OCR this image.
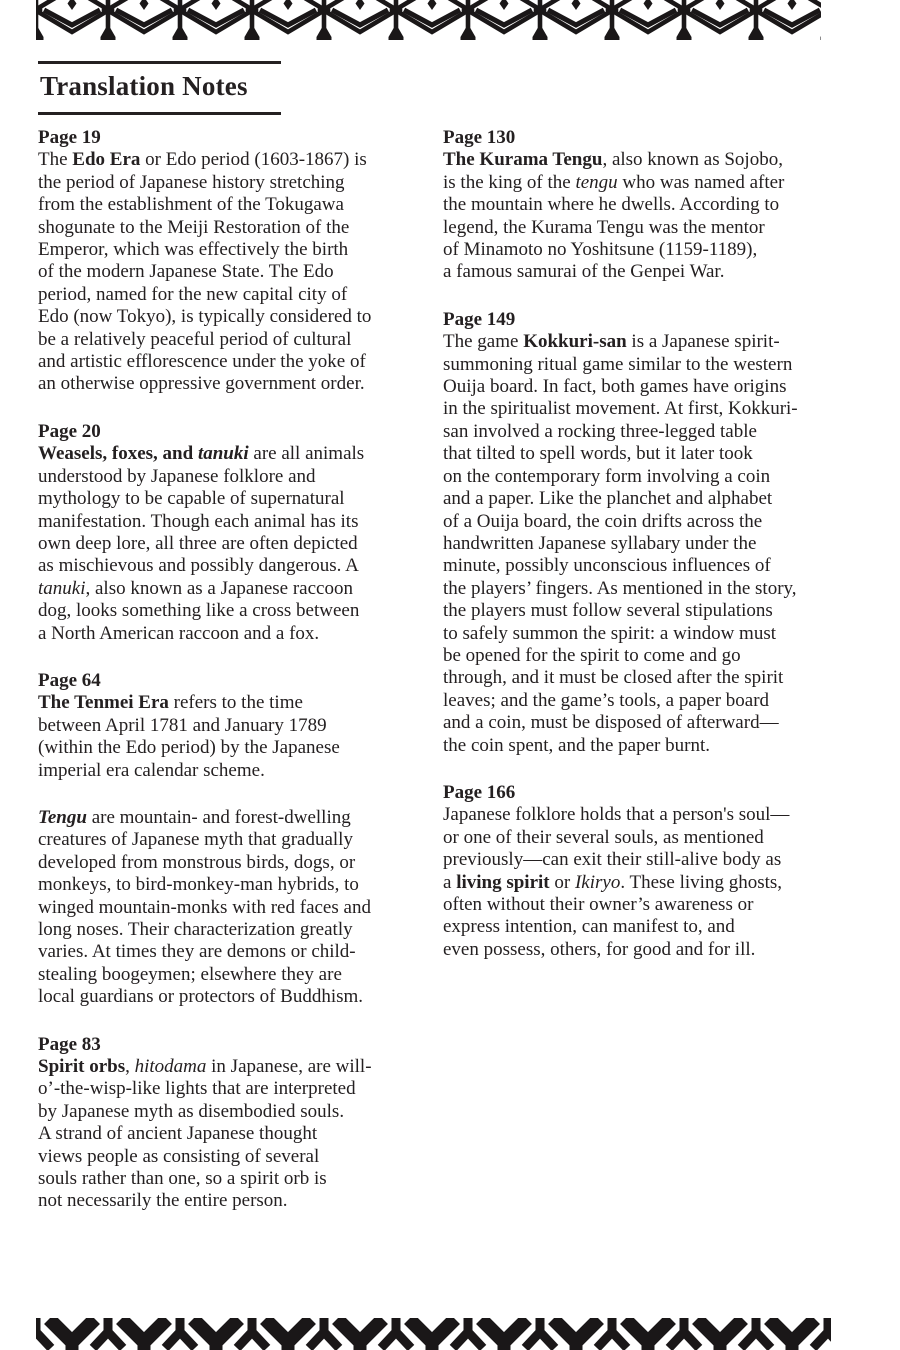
Translation Notes
Page 19
The Edo Era or Edo period (1603-1867) is
the period of Japanese history stretching
from the establishment of the Tokugawa
shogunate to the Meiji Restoration of the
Emperor, which was effectively the birth
of the modern Japanese State. The Edo
period, named for the new capital city of
Edo (now Tokyo), is typically considered to
be a relatively peaceful period of cultural
and artistic efflorescence under the yoke of
an otherwise oppressive government order.
Page 20
Weasels, foxes, and tanuki are all animals
understood by Japanese folklore and
mythology to be capable of supernatural
manifestation. Though each animal has its
own deep lore, all three are often depicted
as mischievous and possibly dangerous. A
tanuki, also known as a Japanese raccoon
dog, looks something like a cross between
a North American raccoon and a fox.
Page 64
The Tenmei Era refers to the time
between April 1781 and January 1789
(within the Edo period) by the Japanese
imperial era calendar scheme.
Tengu are mountain- and forest-dwelling
creatures of Japanese myth that gradually
developed from monstrous birds, dogs, or
monkeys, to bird-monkey-man hybrids, to
winged mountain-monks with red faces and
long noses. Their characterization greatly
varies. At times they are demons or child-
stealing boogeymen; elsewhere they are
local guardians or protectors of Buddhism.
Page 83
Spirit orbs, hitodama in Japanese, are will-
o’-the-wisp-like lights that are interpreted
by Japanese myth as disembodied souls.
A strand of ancient Japanese thought
views people as consisting of several
souls rather than one, so a spirit orb is
not necessarily the entire person.
Page 130
The Kurama Tengu, also known as Sojobo,
is the king of the tengu who was named after
the mountain where he dwells. According to
legend, the Kurama Tengu was the mentor
of Minamoto no Yoshitsune (1159-1189),
a famous samurai of the Genpei War.
Page 149
The game Kokkuri-san is a Japanese spirit-
summoning ritual game similar to the western
Ouija board. In fact, both games have origins
in the spiritualist movement. At first, Kokkuri-
san involved a rocking three-legged table
that tilted to spell words, but it later took
on the contemporary form involving a coin
and a paper. Like the planchet and alphabet
of a Ouija board, the coin drifts across the
handwritten Japanese syllabary under the
minute, possibly unconscious influences of
the players’ fingers. As mentioned in the story,
the players must follow several stipulations
to safely summon the spirit: a window must
be opened for the spirit to come and go
through, and it must be closed after the spirit
leaves; and the game’s tools, a paper board
and a coin, must be disposed of afterward—
the coin spent, and the paper burnt.
Page 166
Japanese folklore holds that a person's soul—
or one of their several souls, as mentioned
previously—can exit their still-alive body as
a living spirit or Ikiryo. These living ghosts,
often without their owner’s awareness or
express intention, can manifest to, and
even possess, others, for good and for ill.
